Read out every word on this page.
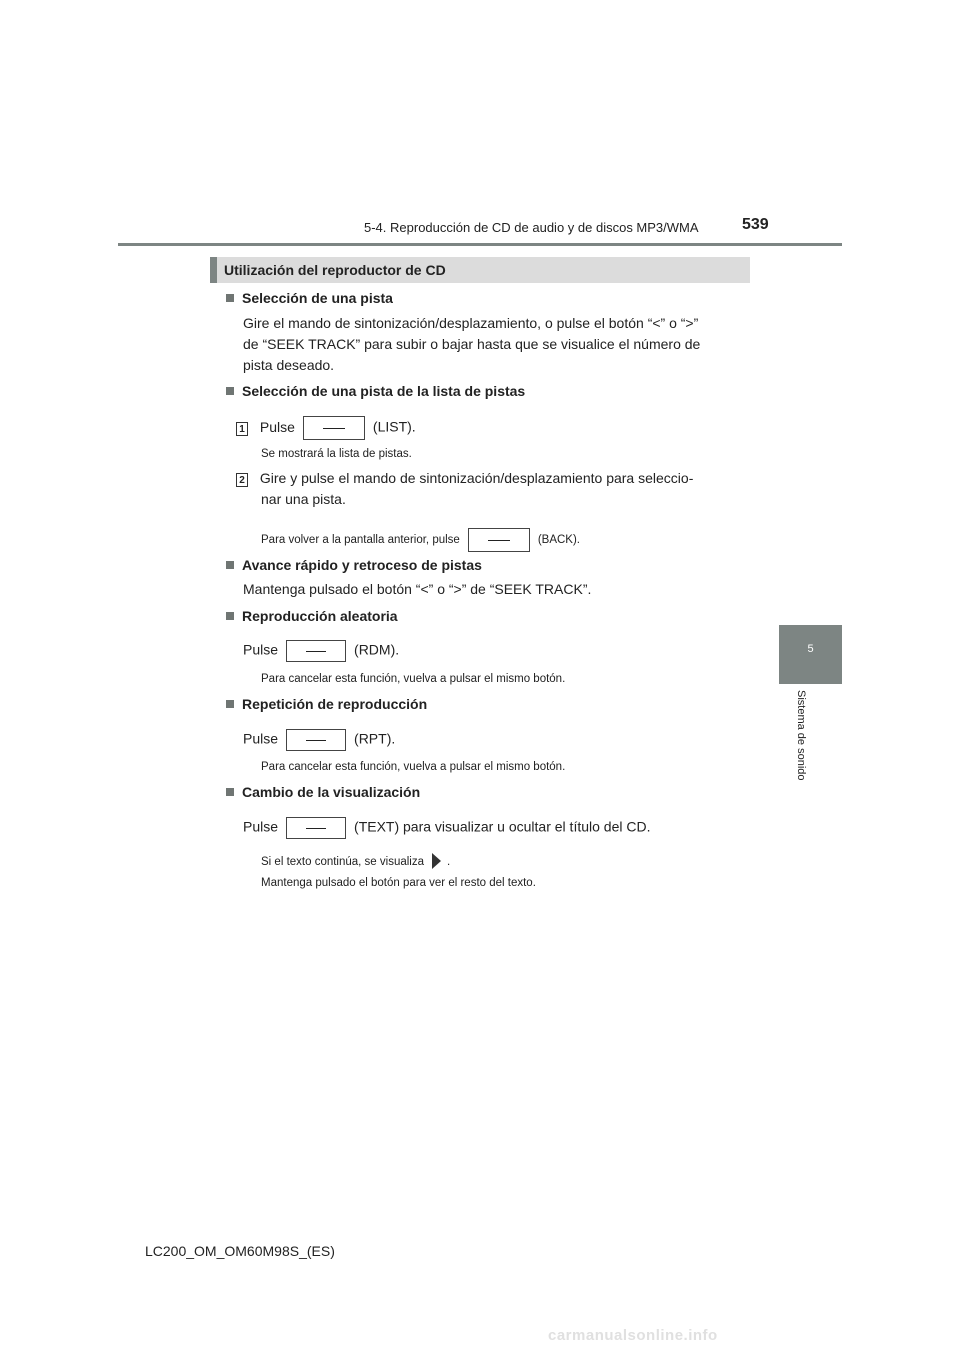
5-4. Reproducción de CD de audio y de discos MP3/WMA	539
5
Sistema de sonido
Utilización del reproductor de CD
Selección de una pista
Gire el mando de sintonización/desplazamiento, o pulse el botón “<” o “>”
de “SEEK TRACK” para subir o bajar hasta que se visualice el número de
pista deseado.
Selección de una pista de la lista de pistas
1 Pulse	(LIST).
Se mostrará la lista de pistas.
2 Gire y pulse el mando de sintonización/desplazamiento para seleccio-
nar una pista.
Para volver a la pantalla anterior, pulse	(BACK).
Avance rápido y retroceso de pistas
Mantenga pulsado el botón “<” o “>” de “SEEK TRACK”.
Reproducción aleatoria
Pulse	(RDM).
Para cancelar esta función, vuelva a pulsar el mismo botón.
Repetición de reproducción
Pulse	(RPT).
Para cancelar esta función, vuelva a pulsar el mismo botón.
Cambio de la visualización
Pulse	(TEXT) para visualizar u ocultar el título del CD.
Si el texto continúa, se visualiza .
Mantenga pulsado el botón para ver el resto del texto.
LC200_OM_OM60M98S_(ES)
carmanualsonline.info
